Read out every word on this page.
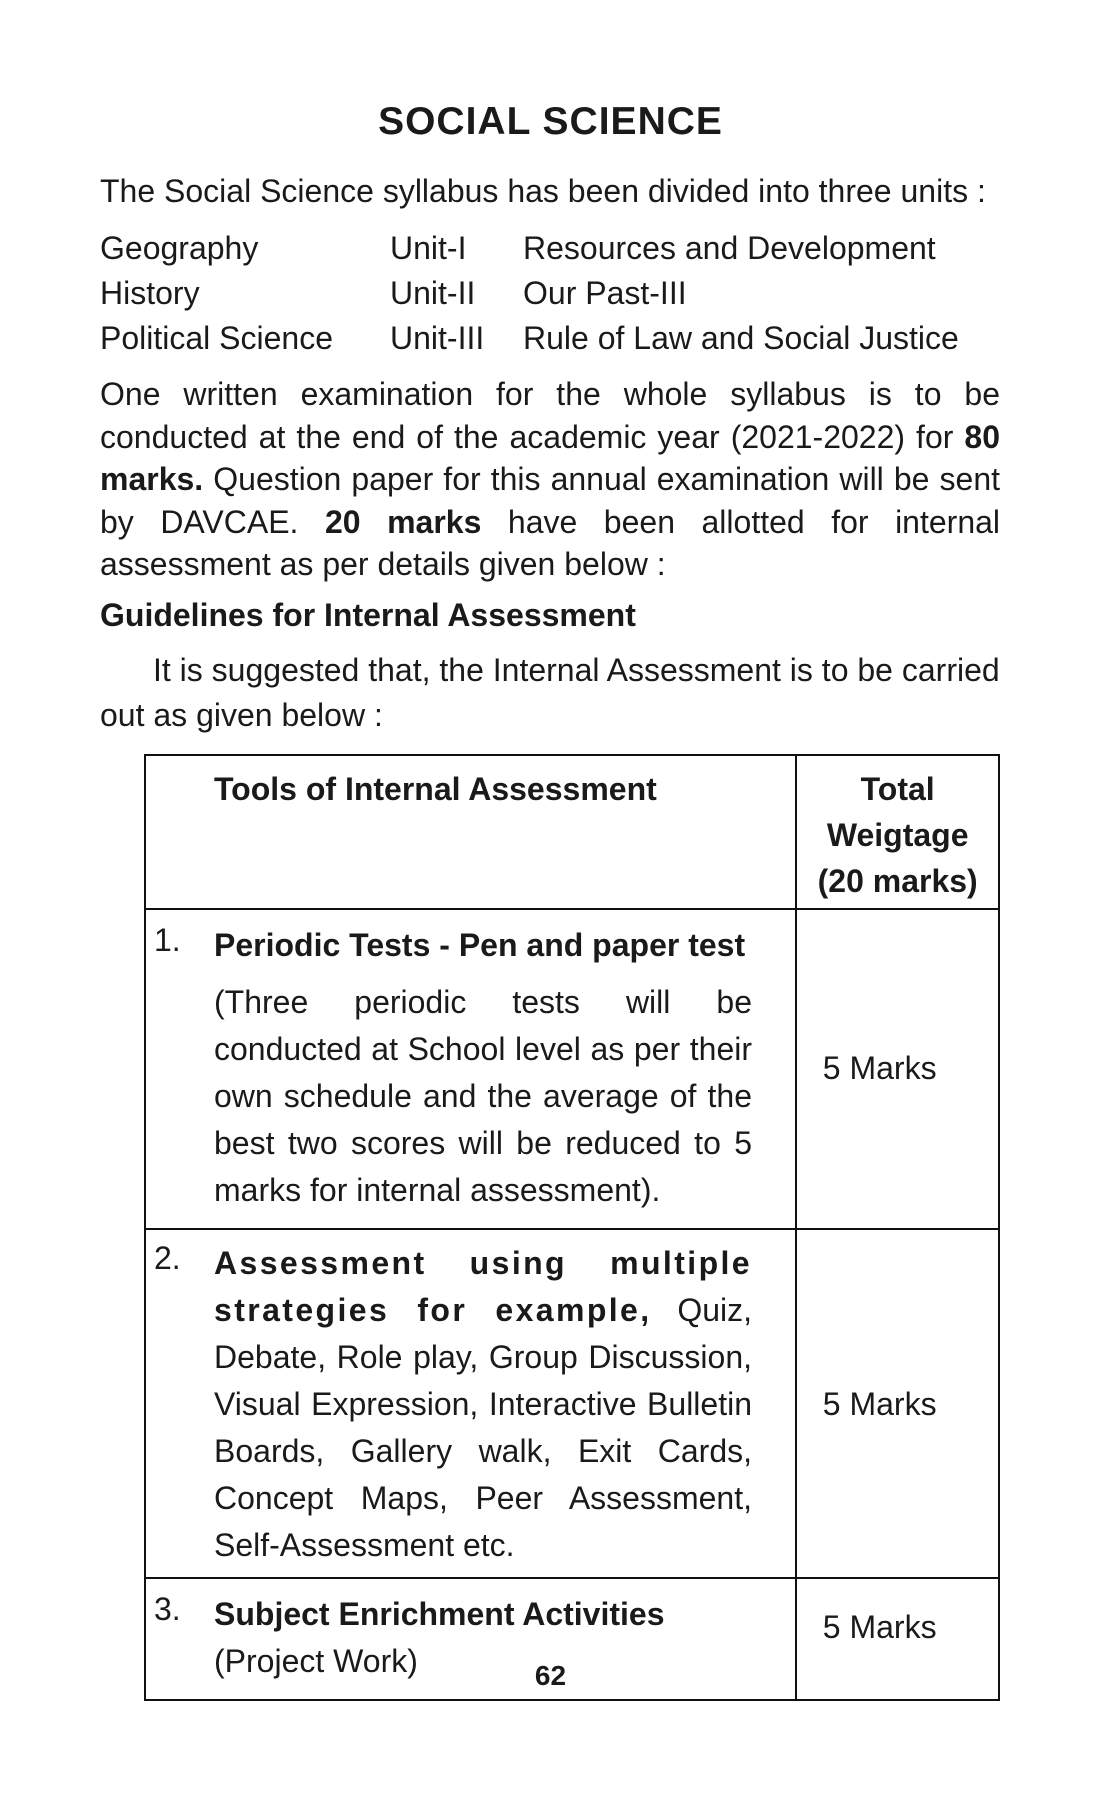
SOCIAL SCIENCE
The Social Science syllabus has been divided into three units :
Geography	Unit-I	Resources and Development
History	Unit-II	Our Past-III
Political Science	Unit-III	Rule of Law and Social Justice
One written examination for the whole syllabus is to be conducted at the end of the academic year (2021-2022) for 80 marks. Question paper for this annual examination will be sent by DAVCAE. 20 marks have been allotted for internal assessment as per details given below :
Guidelines for Internal Assessment
It is suggested that, the Internal Assessment is to be carried out as given below :
Tools of Internal Assessment	Total Weigtage
(20 marks)

1. Periodic Tests - Pen and paper test
(Three periodic tests will be conducted at School level as per their own schedule and the average of the best two scores will be reduced to 5 marks for internal assessment).	5 Marks

2. Assessment using multiple strategies for example, Quiz, Debate, Role play, Group Discussion, Visual Expression, Interactive Bulletin Boards, Gallery walk, Exit Cards, Concept Maps, Peer Assessment, Self-Assessment etc.	5 Marks

3. Subject Enrichment Activities
(Project Work)	5 Marks
62
